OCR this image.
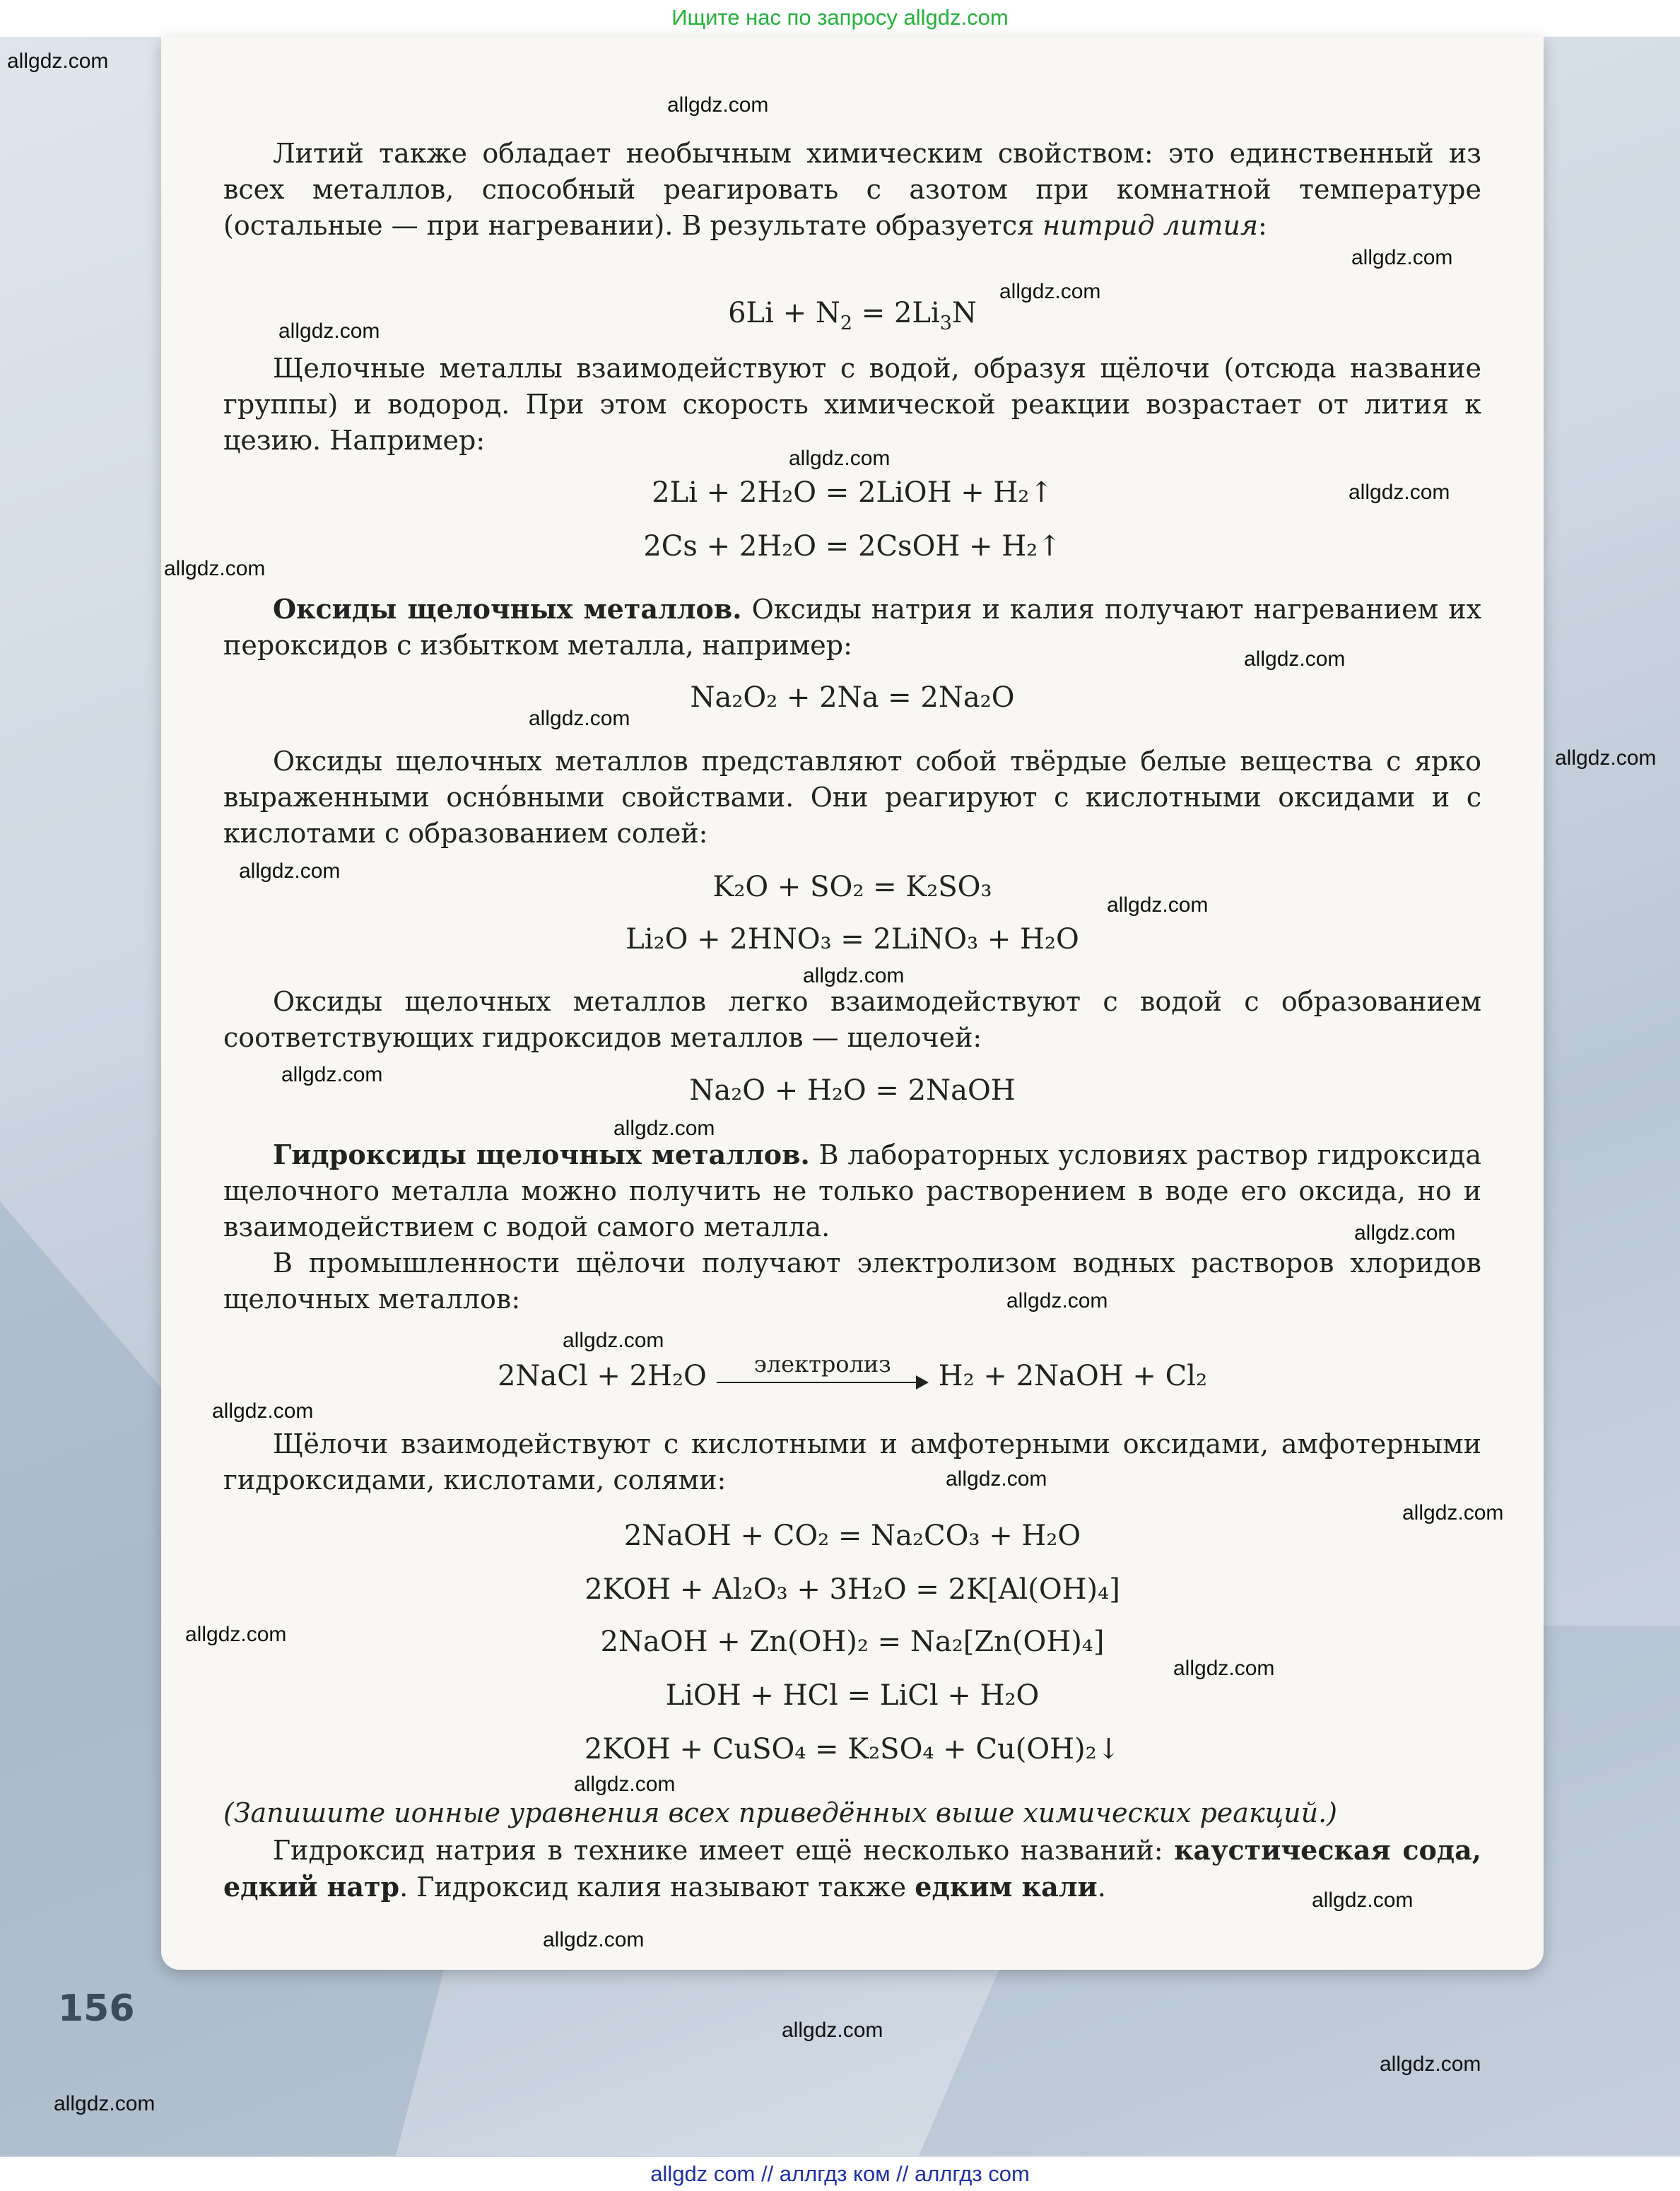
Ищите нас по запросу allgdz.com

Литий также обладает необычным химическим свойством: это единственный из всех металлов, способный реагировать с азотом при комнатной температуре (остальные — при нагревании). В результате образуется нитрид лития:

$6Li + N_2 = 2Li_3N$

Щелочные металлы взаимодействуют с водой, образуя щёлочи (отсюда название группы) и водород. При этом скорость химической реакции возрастает от лития к цезию. Например:

2Li + 2H₂O = 2LiOH + H₂↑

2Cs + 2H₂O = 2CsOH + H₂↑

Оксиды щелочных металлов. Оксиды натрия и калия получают нагреванием их пероксидов с избытком металла, например:

Na₂O₂ + 2Na = 2Na₂O

Оксиды щелочных металлов представляют собой твёрдые белые вещества с ярко выраженными осно́вными свойствами. Они реагируют с кислотными оксидами и с кислотами с образованием солей:

K₂O + SO₂ = K₂SO₃

Li₂O + 2HNO₃ = 2LiNO₃ + H₂O

Оксиды щелочных металлов легко взаимодействуют с водой с образованием соответствующих гидроксидов металлов — щелочей:

Na₂O + H₂O = 2NaOH

Гидроксиды щелочных металлов. В лабораторных условиях раствор гидроксида щелочного металла можно получить не только растворением в воде его оксида, но и взаимодействием с водой самого металла.

В промышленности щёлочи получают электролизом водных растворов хлоридов щелочных металлов:

2NaCl + 2H₂O	электролиз	H₂ + 2NaOH + Cl₂

Щёлочи взаимодействуют с кислотными и амфотерными оксидами, амфотерными гидроксидами, кислотами, солями:

2NaOH + CO₂ = Na₂CO₃ + H₂O

2KOH + Al₂O₃ + 3H₂O = 2K[Al(OH)₄]

2NaOH + Zn(OH)₂ = Na₂[Zn(OH)₄]

LiOH + HCl = LiCl + H₂O

2KOH + CuSO₄ = K₂SO₄ + Cu(OH)₂↓

(Запишите ионные уравнения всех приведённых выше химических реакций.)

Гидроксид натрия в технике имеет ещё несколько названий: каустическая сода, едкий натр. Гидроксид калия называют также едким кали.

156
allgdz.com
allgdz.com
allgdz.com
allgdz.com
allgdz.com
allgdz.com
allgdz.com
allgdz.com
allgdz.com
allgdz.com
allgdz.com
allgdz.com
allgdz.com
allgdz.com
allgdz.com
allgdz.com
allgdz.com
allgdz.com
allgdz.com
allgdz.com
allgdz.com
allgdz.com
allgdz.com
allgdz.com
allgdz.com
allgdz.com
allgdz.com
allgdz.com
allgdz.com
allgdz.com
allgdz com // аллгдз ком // аллгдз com
